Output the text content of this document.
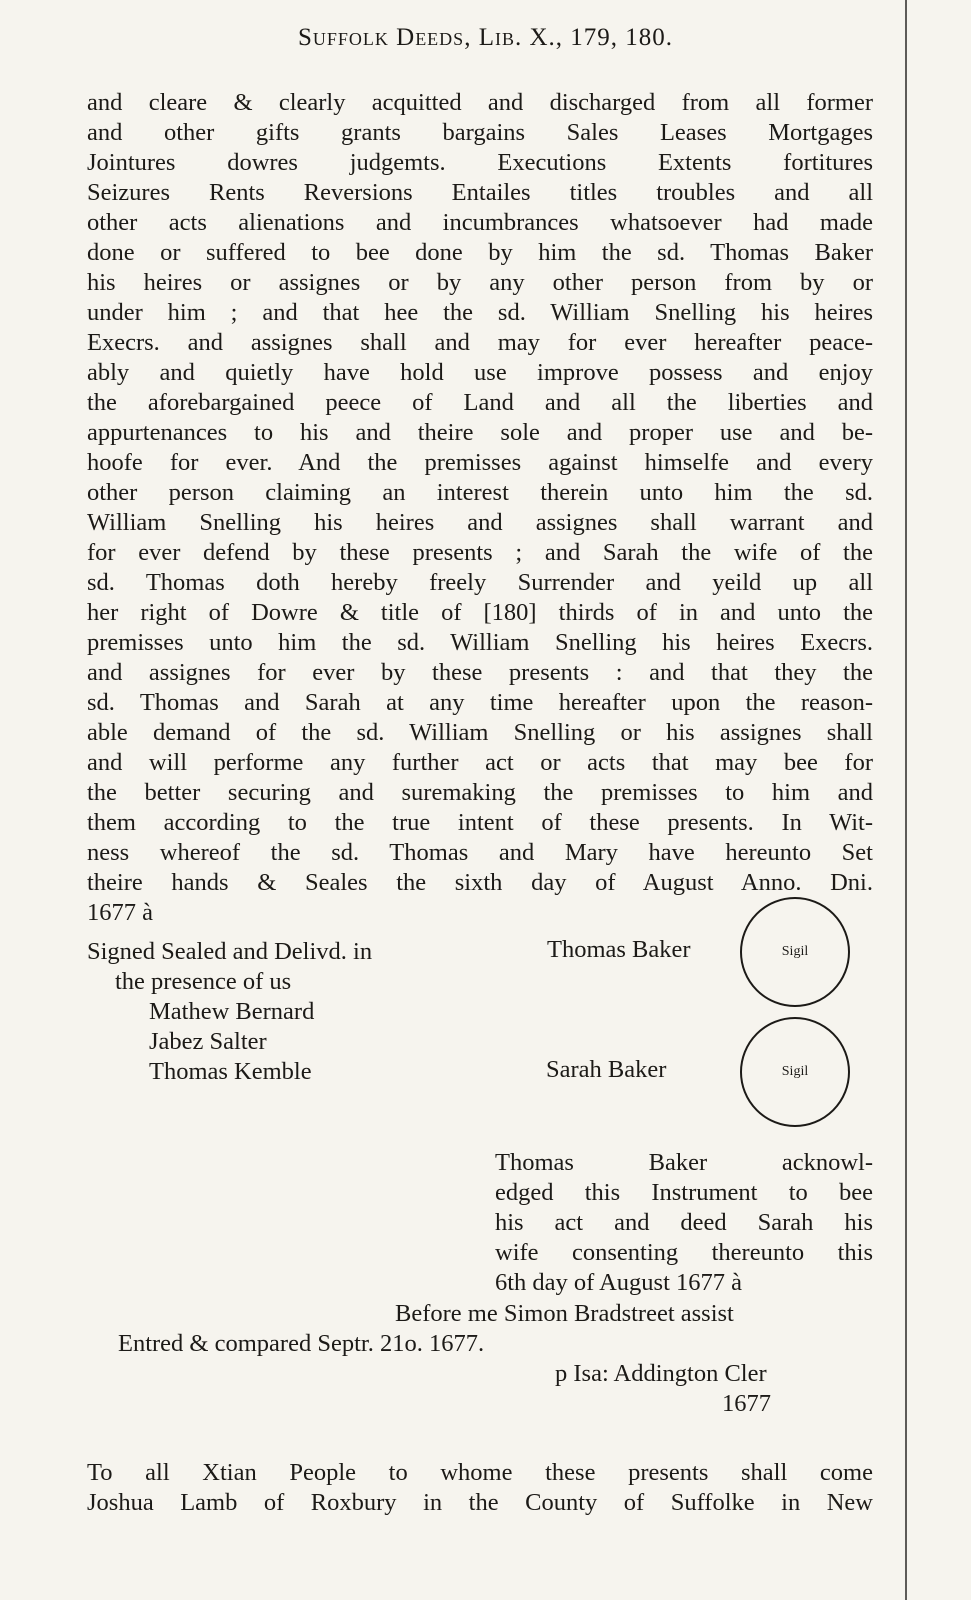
Suffolk Deeds, Lib. X., 179, 180.
and cleare & clearly acquitted and discharged from all former
and other gifts grants bargains Sales Leases Mortgages
Jointures dowres judgemts. Executions Extents fortitures
Seizures Rents Reversions Entailes titles troubles and all
other acts alienations and incumbrances whatsoever had made
done or suffered to bee done by him the sd. Thomas Baker
his heires or assignes or by any other person from by or
under him ; and that hee the sd. William Snelling his heires
Execrs. and assignes shall and may for ever hereafter peace-
ably and quietly have hold use improve possess and enjoy
the aforebargained peece of Land and all the liberties and
appurtenances to his and theire sole and proper use and be-
hoofe for ever. And the premisses against himselfe and every
other person claiming an interest therein unto him the sd.
William Snelling his heires and assignes shall warrant and
for ever defend by these presents ; and Sarah the wife of the
sd. Thomas doth hereby freely Surrender and yeild up all
her right of Dowre & title of [180] thirds of in and unto the
premisses unto him the sd. William Snelling his heires Execrs.
and assignes for ever by these presents : and that they the
sd. Thomas and Sarah at any time hereafter upon the reason-
able demand of the sd. William Snelling or his assignes shall
and will performe any further act or acts that may bee for
the better securing and suremaking the premisses to him and
them according to the true intent of these presents. In Wit-
ness whereof the sd. Thomas and Mary have hereunto Set
theire hands & Seales the sixth day of August Anno. Dni.
1677 à
Signed Sealed and Delivd. in
the presence of us
Mathew Bernard
Jabez Salter
Thomas Kemble
Thomas Baker	Sigil
Sarah Baker	Sigil
Thomas Baker acknowl-
edged this Instrument to bee
his act and deed Sarah his
wife consenting thereunto this
6th day of August 1677 à
Before me Simon Bradstreet assist
Entred & compared Septr. 21o. 1677.
p Isa: Addington Cler
1677
To all Xtian People to whome these presents shall come
Joshua Lamb of Roxbury in the County of Suffolke in New
